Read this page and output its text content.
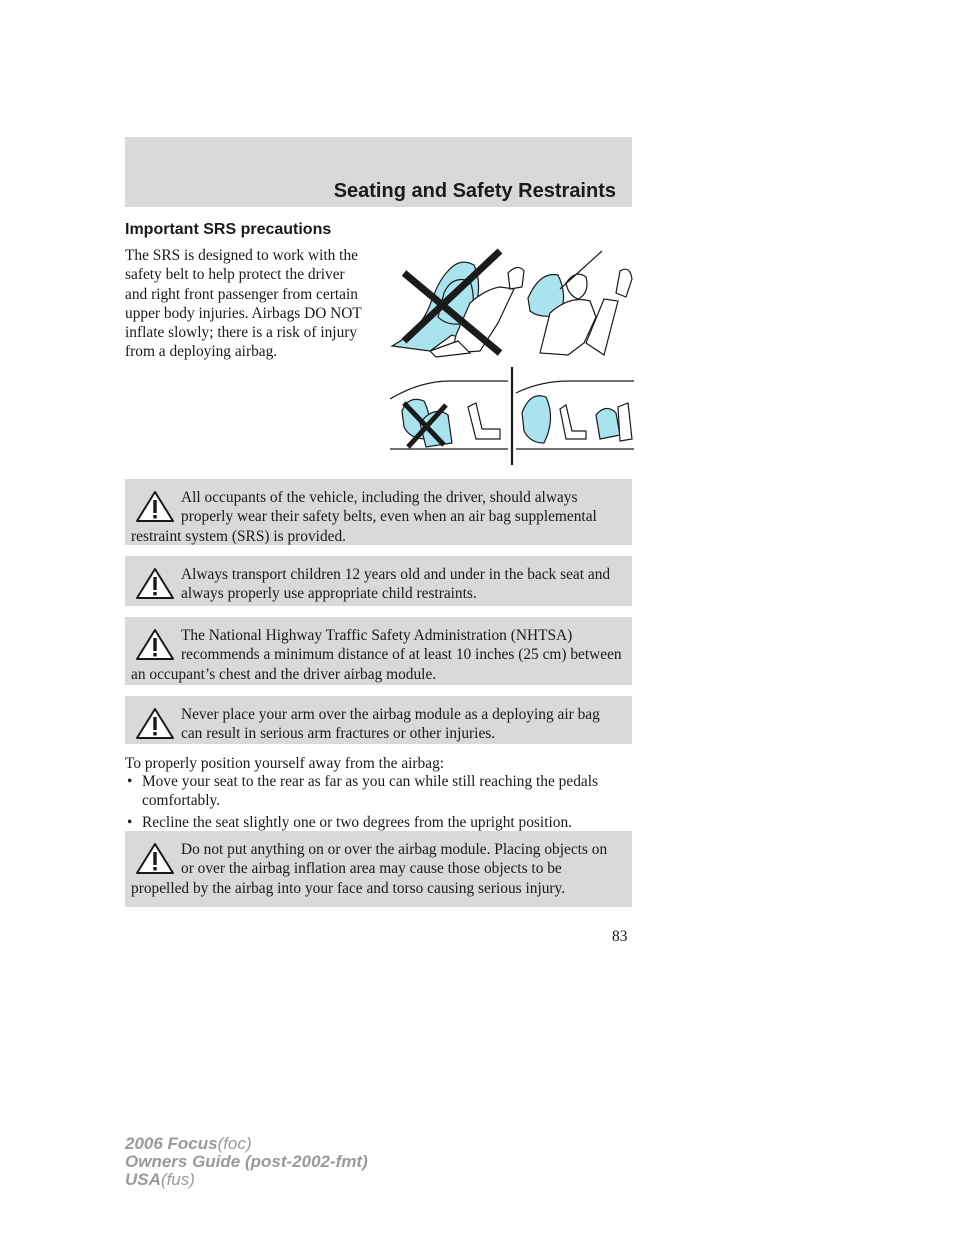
Seating and Safety Restraints
Important SRS precautions

The SRS is designed to work with the safety belt to help protect the driver and right front passenger from certain upper body injuries. Airbags DO NOT inflate slowly; there is a risk of injury from a deploying airbag.

All occupants of the vehicle, including the driver, should always properly wear their safety belts, even when an air bag supplemental restraint system (SRS) is provided.

Always transport children 12 years old and under in the back seat and always properly use appropriate child restraints.

The National Highway Traffic Safety Administration (NHTSA) recommends a minimum distance of at least 10 inches (25 cm) between an occupant’s chest and the driver airbag module.

Never place your arm over the airbag module as a deploying air bag can result in serious arm fractures or other injuries.

To properly position yourself away from the airbag:

• Move your seat to the rear as far as you can while still reaching the pedals comfortably.
• Recline the seat slightly one or two degrees from the upright position.

Do not put anything on or over the airbag module. Placing objects on or over the airbag inflation area may cause those objects to be propelled by the airbag into your face and torso causing serious injury.

83
2006 Focus(foc)
Owners Guide (post-2002-fmt)
USA(fus)
